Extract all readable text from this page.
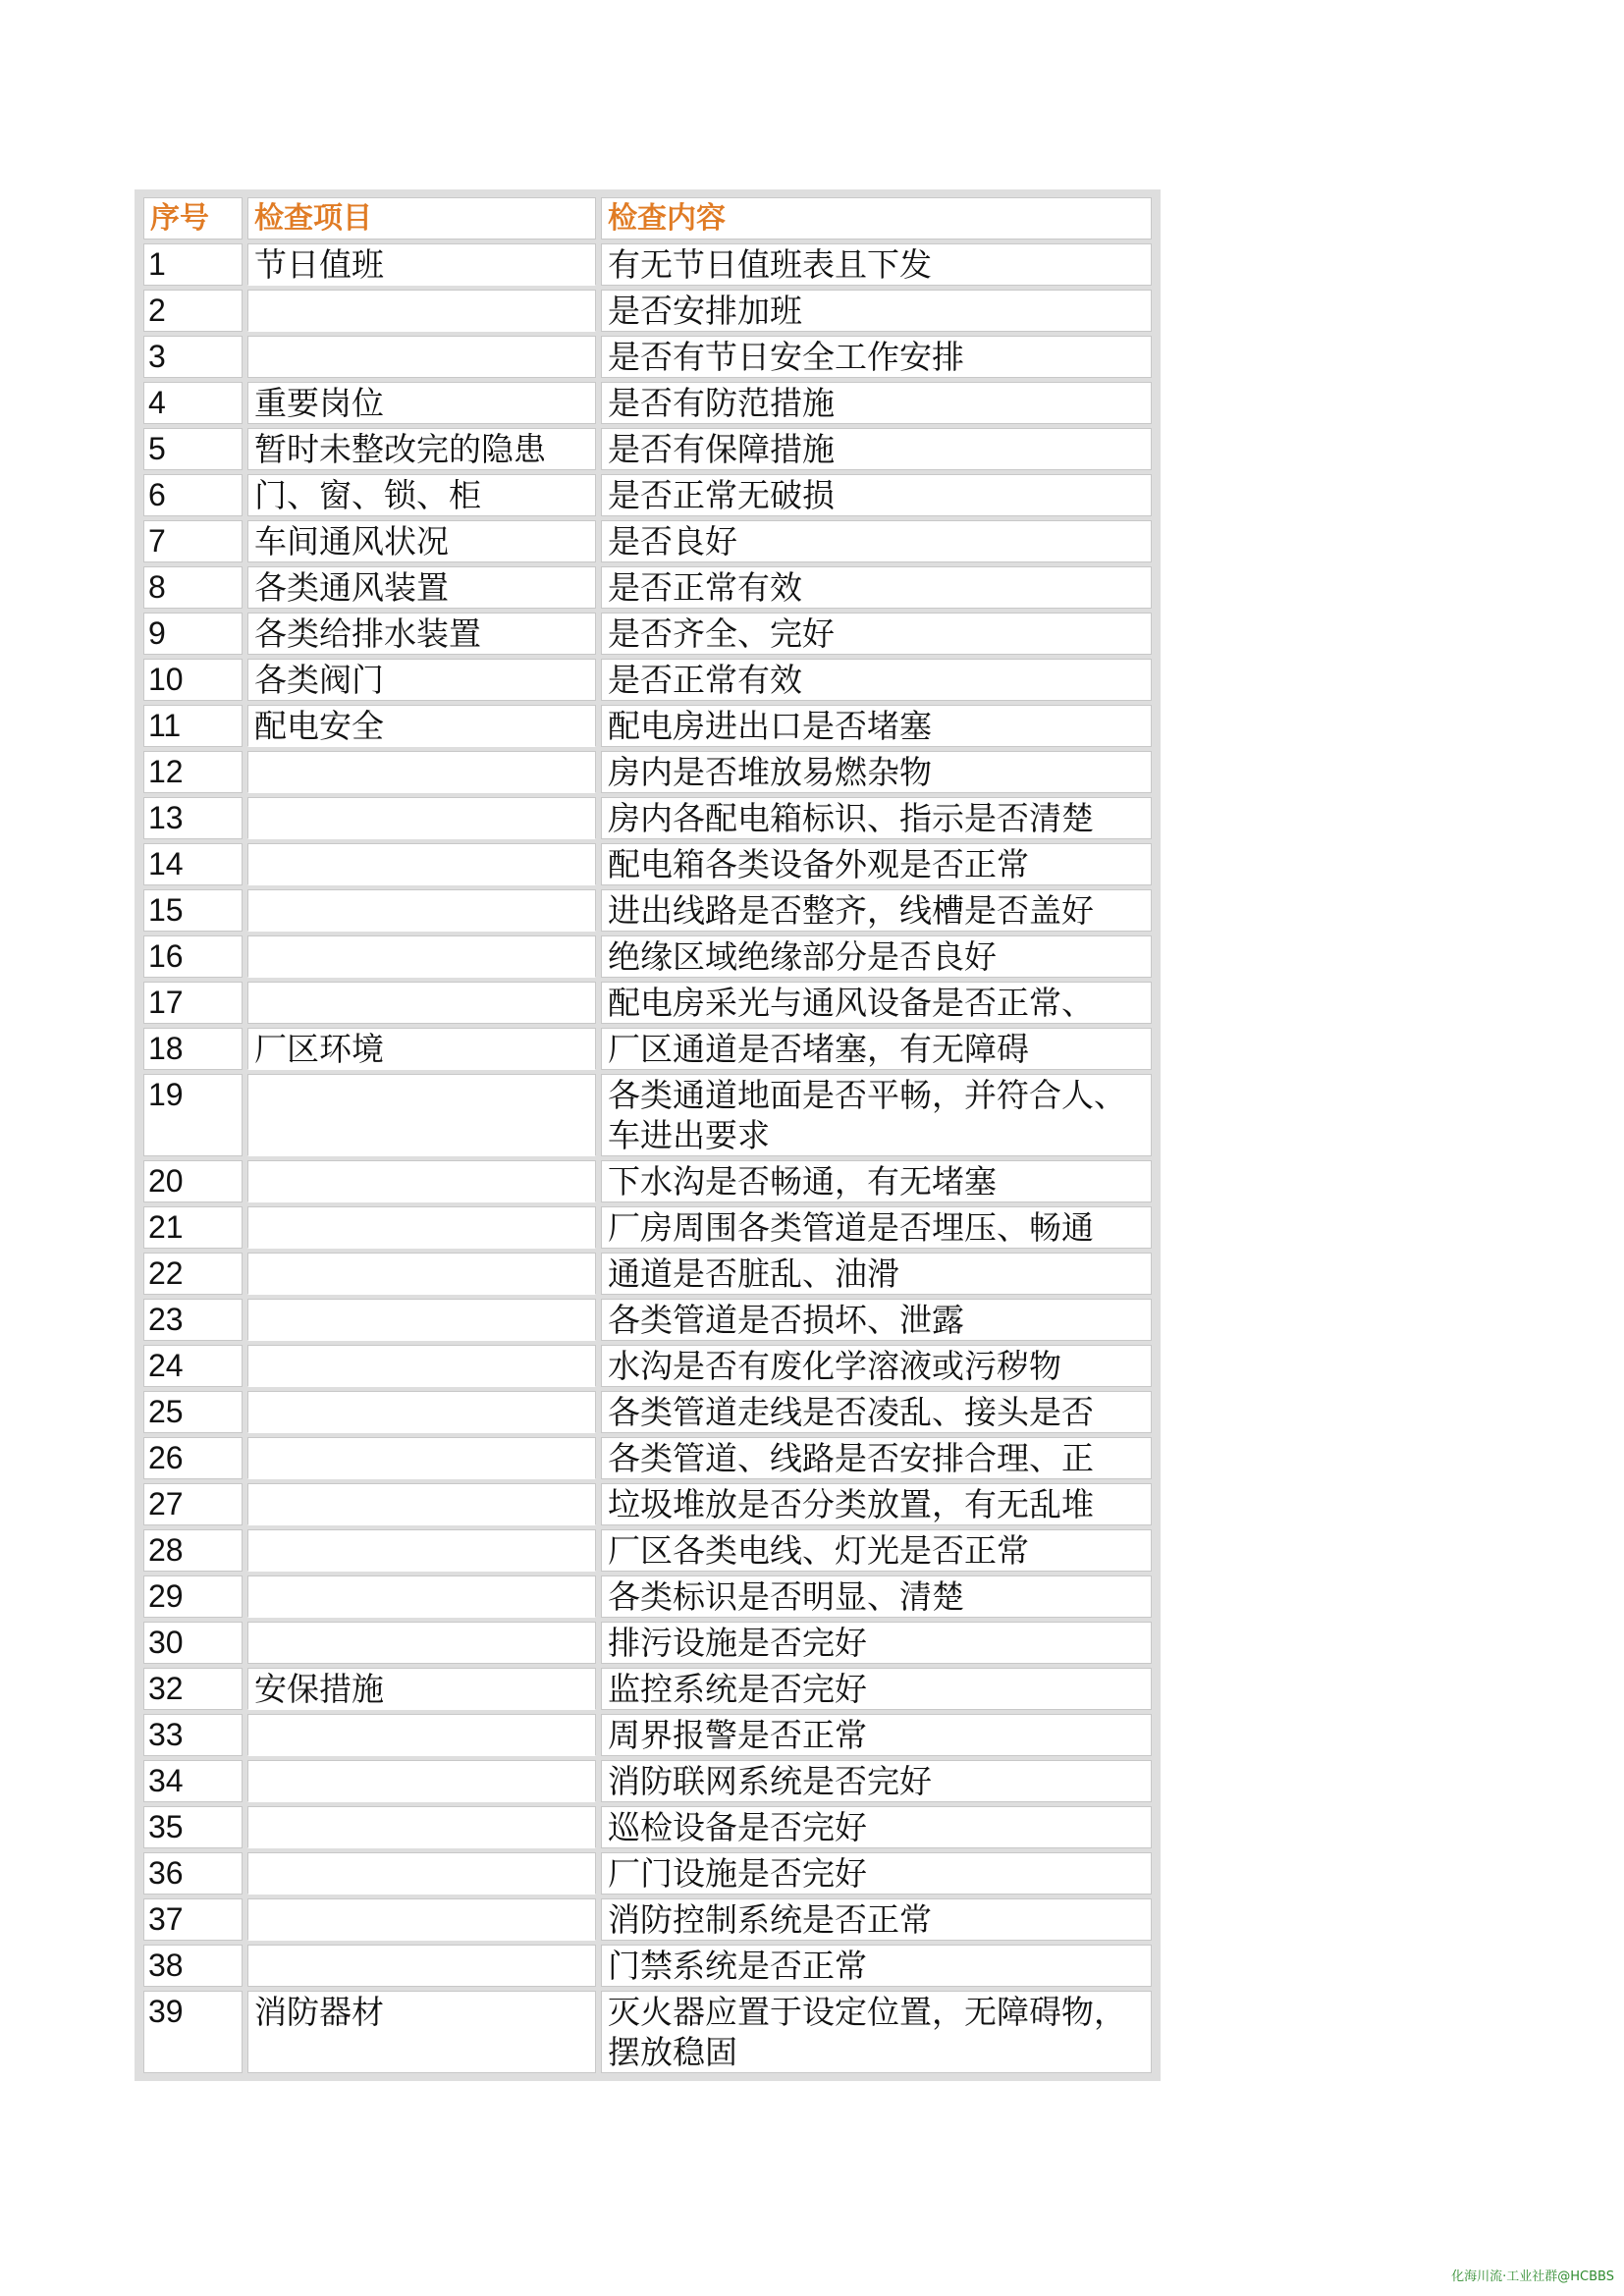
序号	检查项目	检查内容
1	节日值班	有无节日值班表且下发
2		是否安排加班
3		是否有节日安全工作安排
4	重要岗位	是否有防范措施
5	暂时未整改完的隐患	是否有保障措施
6	门、窗、锁、柜	是否正常无破损
7	车间通风状况	是否良好
8	各类通风装置	是否正常有效
9	各类给排水装置	是否齐全、完好
10	各类阀门	是否正常有效
11	配电安全	配电房进出口是否堵塞
12		房内是否堆放易燃杂物
13		房内各配电箱标识、指示是否清楚
14		配电箱各类设备外观是否正常
15		进出线路是否整齐，线槽是否盖好
16		绝缘区域绝缘部分是否良好
17		配电房采光与通风设备是否正常、
18	厂区环境	厂区通道是否堵塞，有无障碍
19		各类通道地面是否平畅，并符合人、车进出要求
20		下水沟是否畅通，有无堵塞
21		厂房周围各类管道是否埋压、畅通
22		通道是否脏乱、油滑
23		各类管道是否损坏、泄露
24		水沟是否有废化学溶液或污秽物
25		各类管道走线是否凌乱、接头是否
26		各类管道、线路是否安排合理、正
27		垃圾堆放是否分类放置，有无乱堆
28		厂区各类电线、灯光是否正常
29		各类标识是否明显、清楚
30		排污设施是否完好
32	安保措施	监控系统是否完好
33		周界报警是否正常
34		消防联网系统是否完好
35		巡检设备是否完好
36		厂门设施是否完好
37		消防控制系统是否正常
38		门禁系统是否正常
39	消防器材	灭火器应置于设定位置，无障碍物，摆放稳固
化海川流·工业社群@HCBBS
